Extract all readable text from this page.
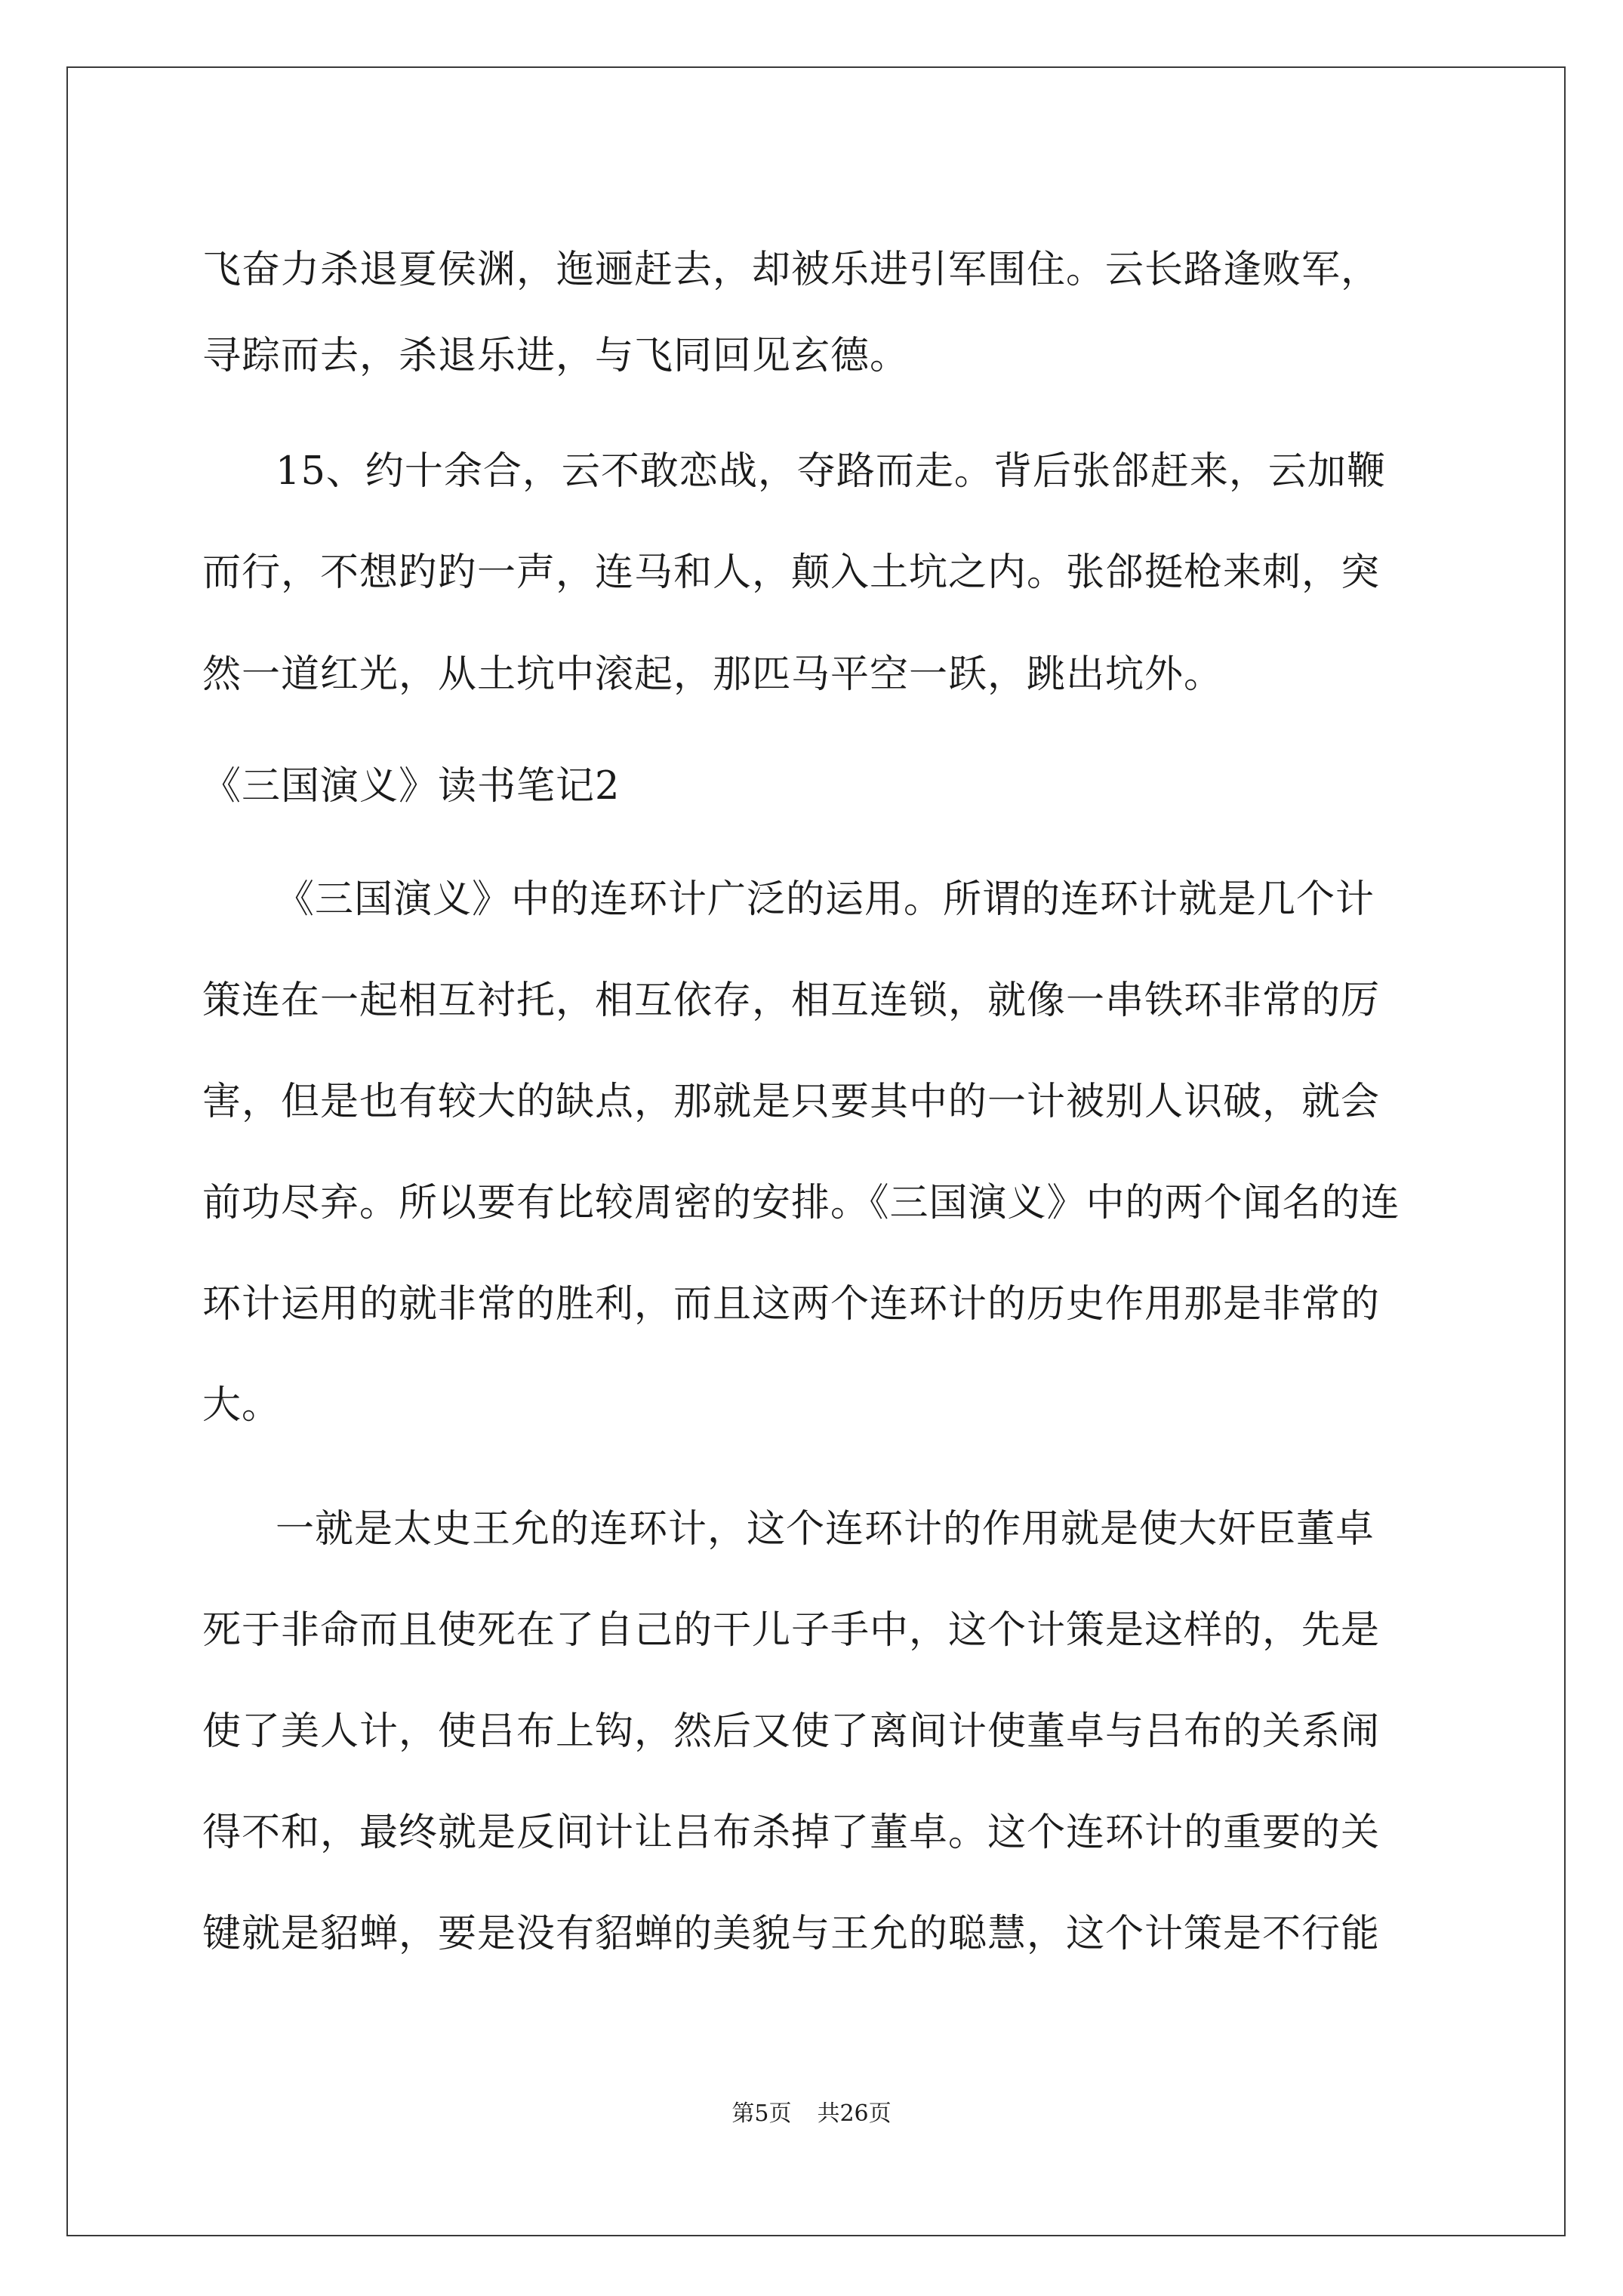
飞奋力杀退夏侯渊，迤逦赶去，却被乐进引军围住。云长路逢败军，
寻踪而去，杀退乐进，与飞同回见玄德。
15、约十余合，云不敢恋战，夺路而走。背后张郃赶来，云加鞭
而行，不想趵趵一声，连马和人，颠入土坑之内。张郃挺枪来刺，突
然一道红光，从土坑中滚起，那匹马平空一跃，跳出坑外。
《三国演义》读书笔记2
《三国演义》中的连环计广泛的运用。所谓的连环计就是几个计
策连在一起相互衬托，相互依存，相互连锁，就像一串铁环非常的厉
害，但是也有较大的缺点，那就是只要其中的一计被别人识破，就会
前功尽弃。所以要有比较周密的安排。《三国演义》中的两个闻名的连
环计运用的就非常的胜利，而且这两个连环计的历史作用那是非常的
大。
一就是太史王允的连环计，这个连环计的作用就是使大奸臣董卓
死于非命而且使死在了自己的干儿子手中，这个计策是这样的，先是
使了美人计，使吕布上钩，然后又使了离间计使董卓与吕布的关系闹
得不和，最终就是反间计让吕布杀掉了董卓。这个连环计的重要的关
键就是貂蝉，要是没有貂蝉的美貌与王允的聪慧，这个计策是不行能
第5页 共26页
